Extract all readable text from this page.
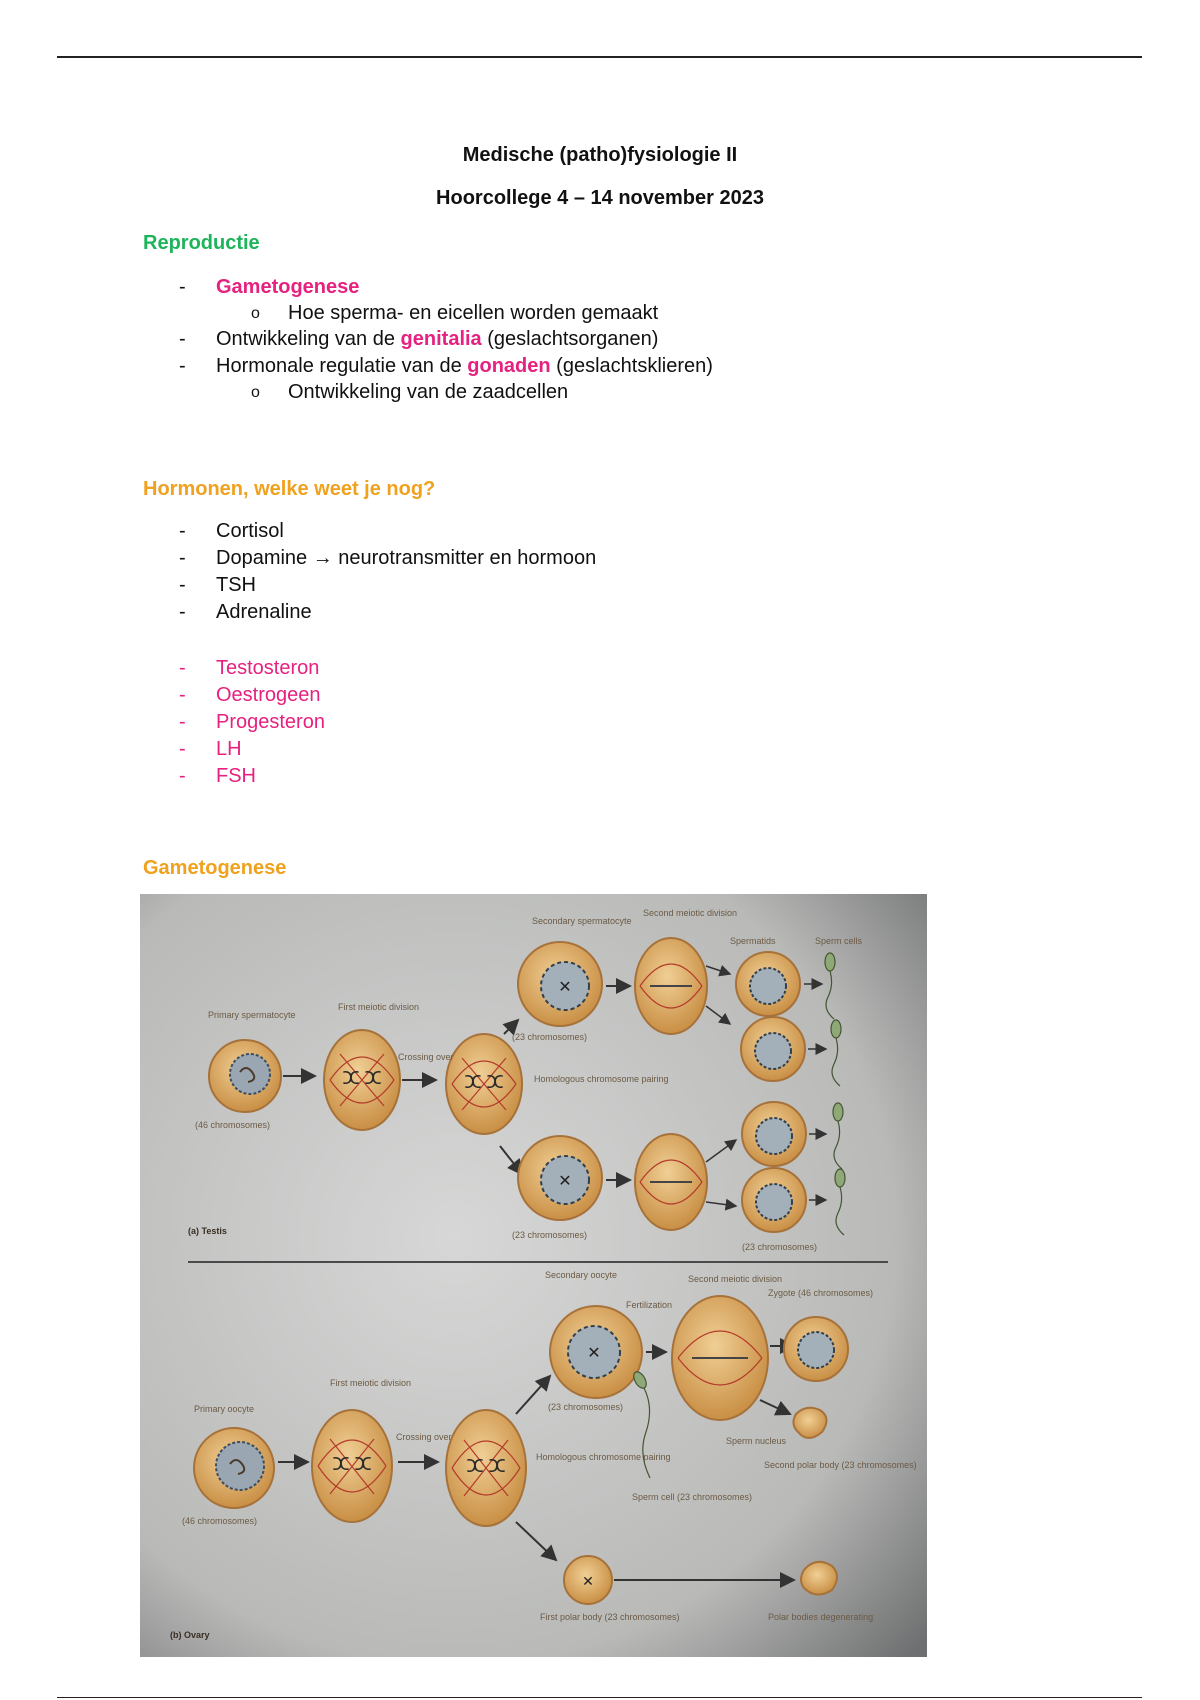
Medische (patho)fysiologie II
Hoorcollege 4 – 14 november 2023
Reproductie
- Gametogenese
o Hoe sperma- en eicellen worden gemaakt
- Ontwikkeling van de genitalia (geslachtsorganen)
- Hormonale regulatie van de gonaden (geslachtsklieren)
o Ontwikkeling van de zaadcellen
Hormonen, welke weet je nog?
- Cortisol
- Dopamine → neurotransmitter en hormoon
- TSH
- Adrenaline
- Testosteron
- Oestrogeen
- Progesteron
- LH
- FSH
Gametogenese
ⵋ ⵋ	ⵋ ⵋ
✕
✕
Primary spermatocyte
(46 chromosomes)
First meiotic division
Crossing over
Homologous chromosome pairing
Secondary spermatocyte
(23 chromosomes)
(23 chromosomes)
Second meiotic division
Spermatids	Sperm cells
(23 chromosomes)
(a) Testis
ⵋ ⵋ	ⵋ ⵋ
✕
✕
Primary oocyte
(46 chromosomes)
First meiotic division
Crossing over
Homologous chromosome pairing
Secondary oocyte
(23 chromosomes)
Fertilization
Second meiotic division
Zygote (46 chromosomes)
Sperm nucleus
Sperm cell (23 chromosomes)
Second polar body (23 chromosomes)
First polar body (23 chromosomes)	Polar bodies degenerating
(b) Ovary
